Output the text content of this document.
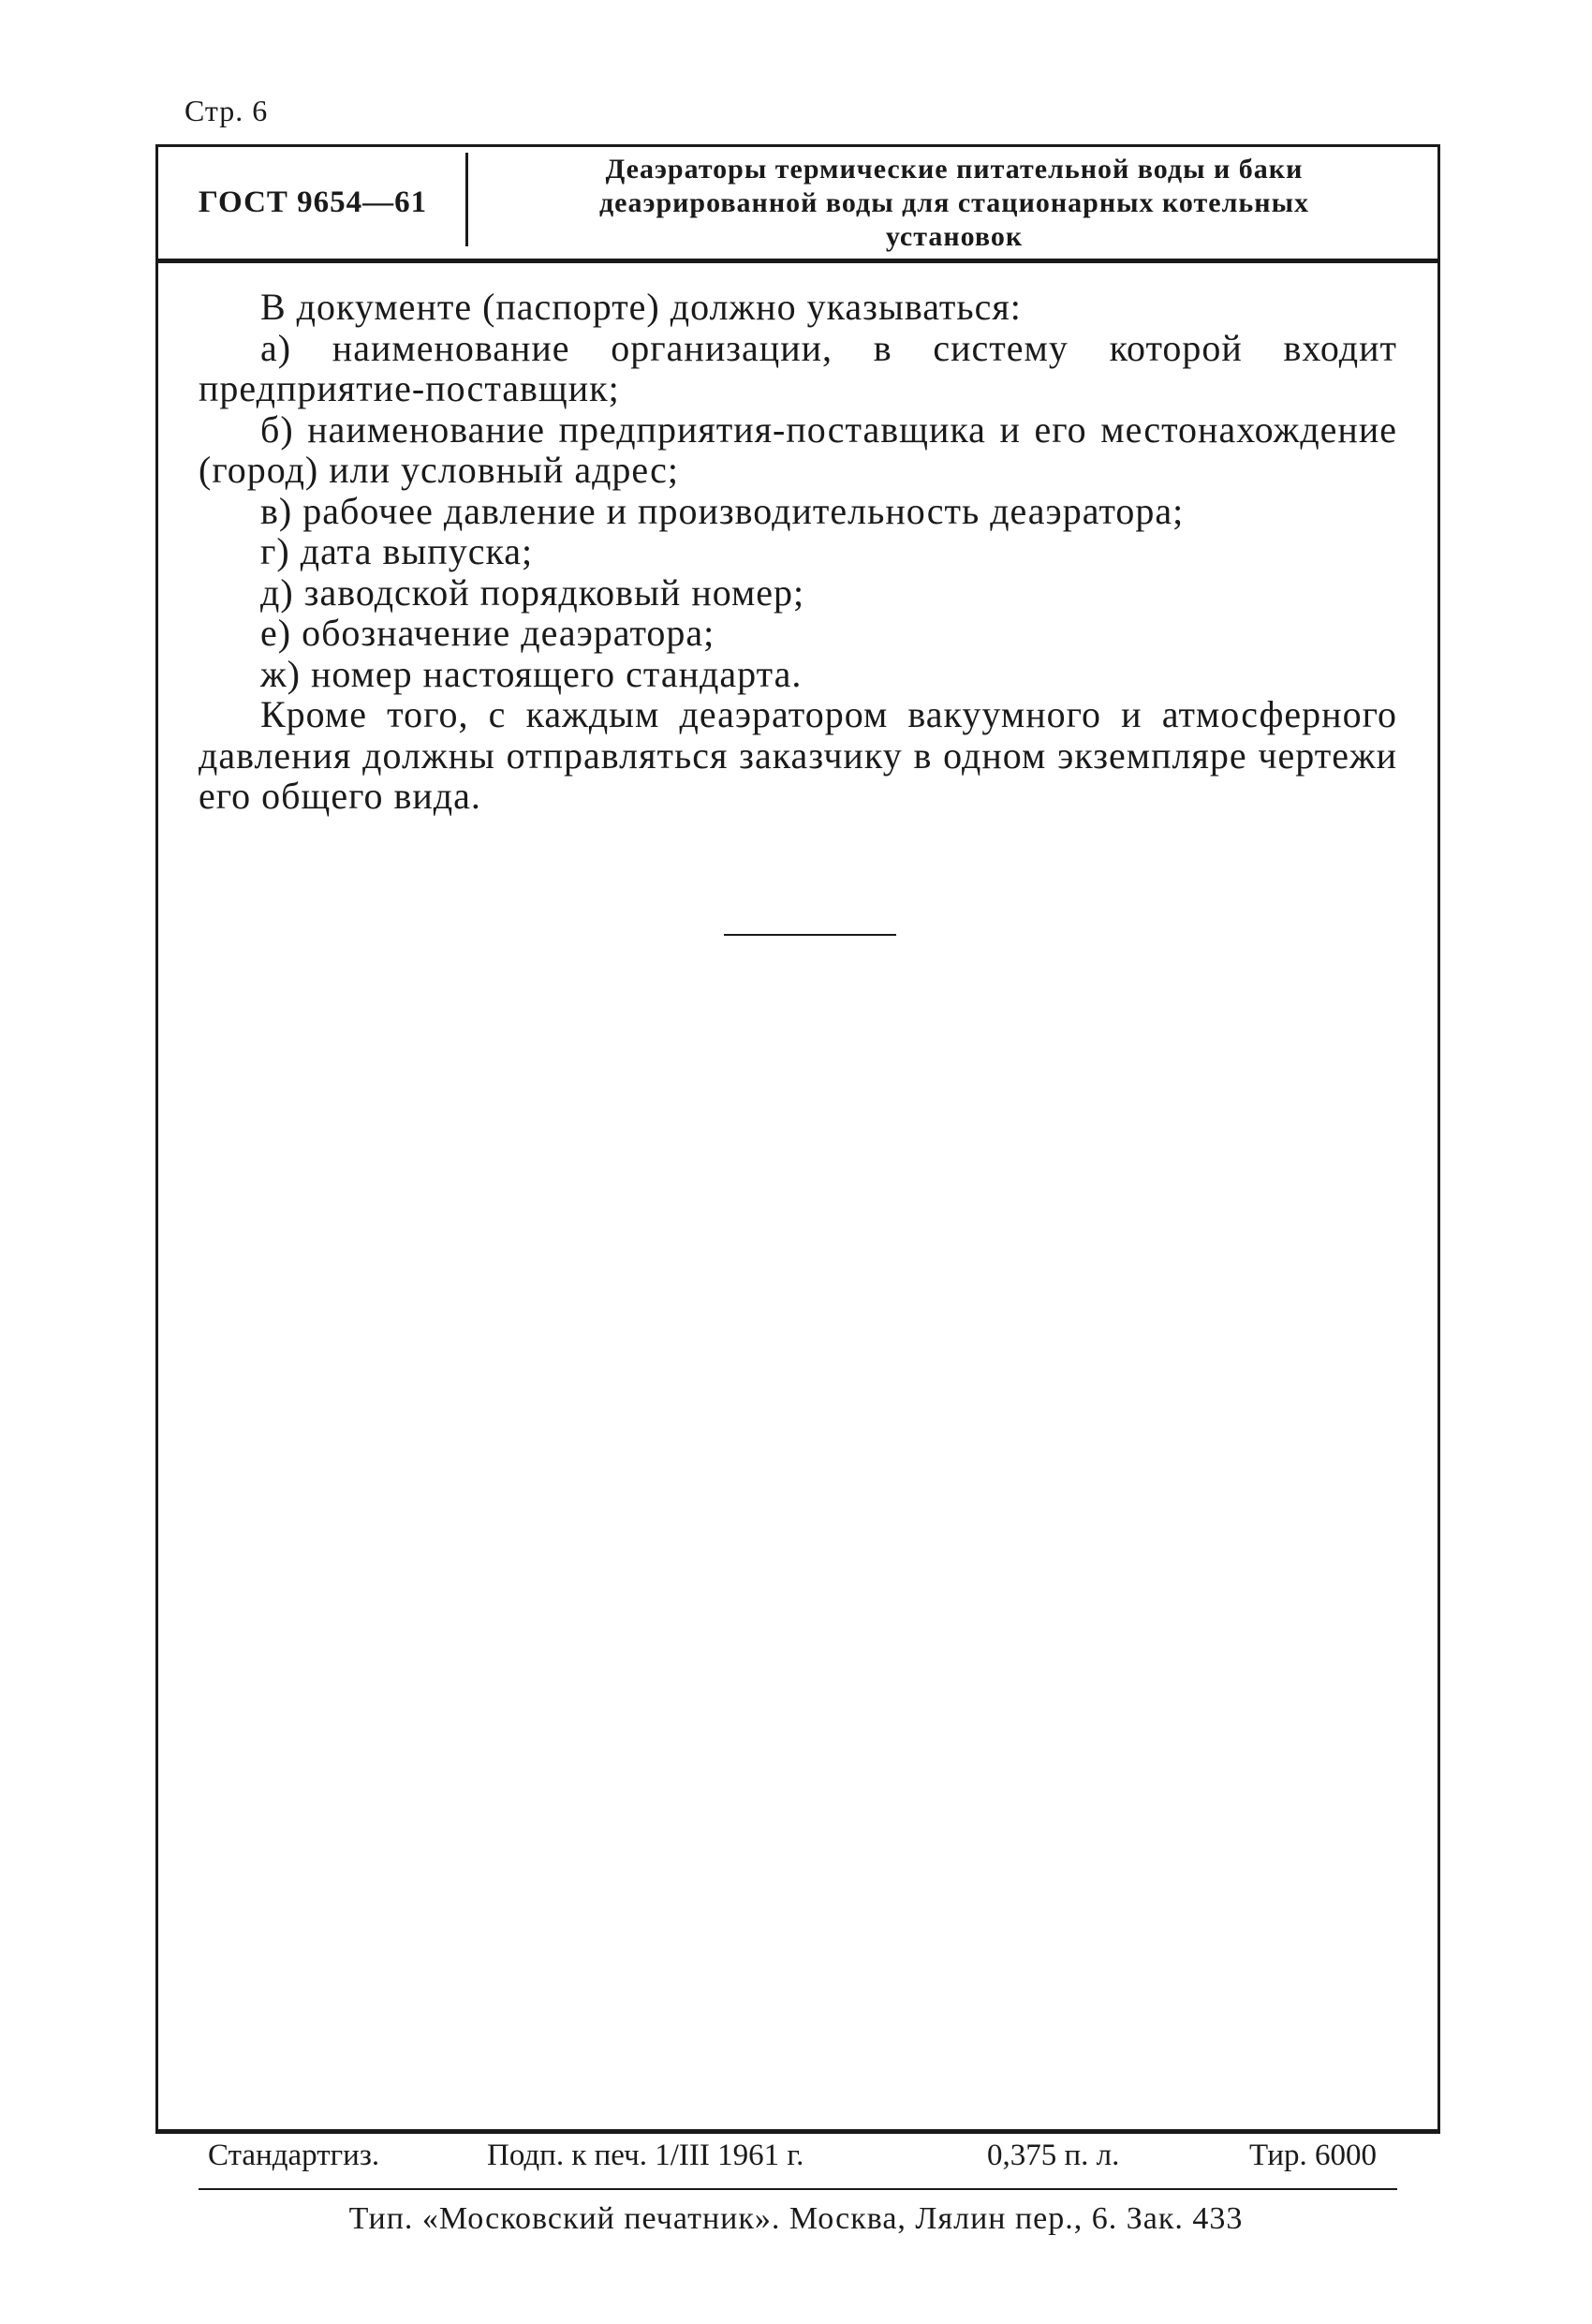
Стр. 6
ГОСТ 9654—61
Деаэраторы термические питательной воды и баки
деаэрированной воды для стационарных котельных
установок

В документе (паспорте) должно указываться:

а) наименование организации, в систему которой входит предприятие-поставщик;

б) наименование предприятия-поставщика и его местонахождение (город) или условный адрес;

в) рабочее давление и производительность деаэратора;

г) дата выпуска;

д) заводской порядковый номер;

е) обозначение деаэратора;

ж) номер настоящего стандарта.

Кроме того, с каждым деаэратором вакуумного и атмосферного давления должны отправляться заказчику в одном экземпляре чертежи его общего вида.

Стандартгиз.	Подп. к печ. 1/III 1961 г.	0,375 п. л.	Тир. 6000
Тип. «Московский печатник». Москва, Лялин пер., 6. Зак. 433
